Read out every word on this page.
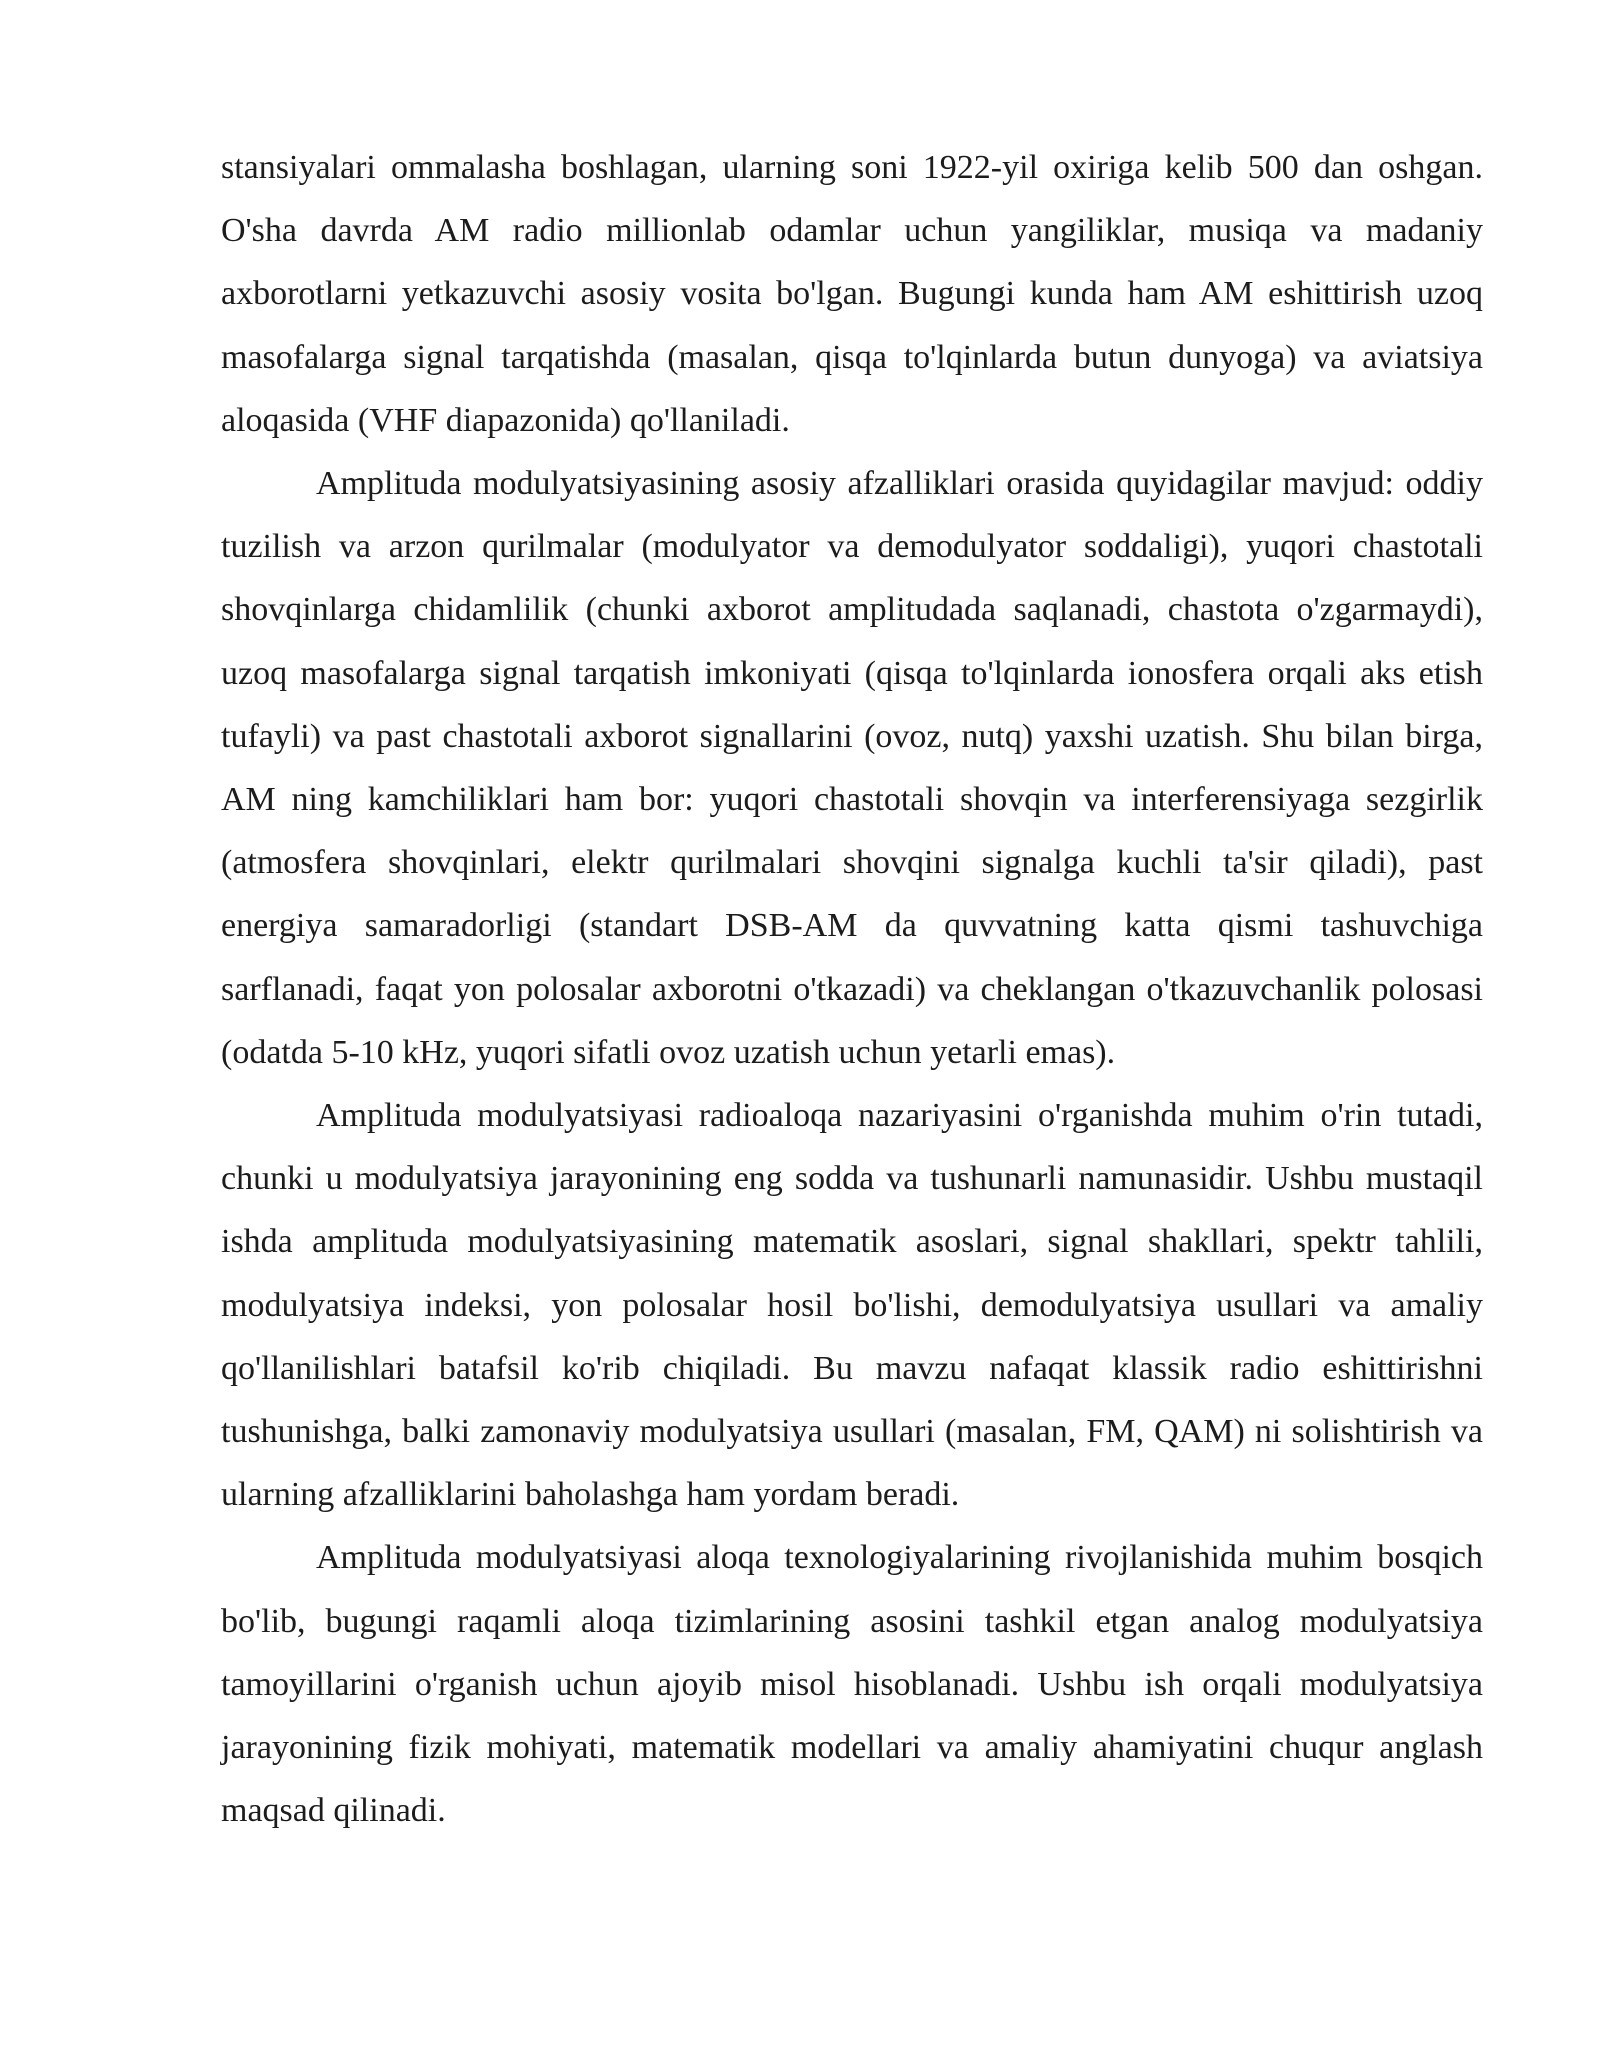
stansiyalari ommalasha boshlagan, ularning soni 1922-yil oxiriga kelib 500 dan oshgan. O'sha davrda AM radio millionlab odamlar uchun yangiliklar, musiqa va madaniy axborotlarni yetkazuvchi asosiy vosita bo'lgan. Bugungi kunda ham AM eshittirish uzoq masofalarga signal tarqatishda (masalan, qisqa to'lqinlarda butun dunyoga) va aviatsiya aloqasida (VHF diapazonida) qo'llaniladi.

Amplituda modulyatsiyasining asosiy afzalliklari orasida quyidagilar mavjud: oddiy tuzilish va arzon qurilmalar (modulyator va demodulyator soddaligi), yuqori chastotali shovqinlarga chidamlilik (chunki axborot amplitudada saqlanadi, chastota o'zgarmaydi), uzoq masofalarga signal tarqatish imkoniyati (qisqa to'lqinlarda ionosfera orqali aks etish tufayli) va past chastotali axborot signallarini (ovoz, nutq) yaxshi uzatish. Shu bilan birga, AM ning kamchiliklari ham bor: yuqori chastotali shovqin va interferensiyaga sezgirlik (atmosfera shovqinlari, elektr qurilmalari shovqini signalga kuchli ta'sir qiladi), past energiya samaradorligi (standart DSB-AM da quvvatning katta qismi tashuvchiga sarflanadi, faqat yon polosalar axborotni o'tkazadi) va cheklangan o'tkazuvchanlik polosasi (odatda 5-10 kHz, yuqori sifatli ovoz uzatish uchun yetarli emas).

Amplituda modulyatsiyasi radioaloqa nazariyasini o'rganishda muhim o'rin tutadi, chunki u modulyatsiya jarayonining eng sodda va tushunarli namunasidir. Ushbu mustaqil ishda amplituda modulyatsiyasining matematik asoslari, signal shakllari, spektr tahlili, modulyatsiya indeksi, yon polosalar hosil bo'lishi, demodulyatsiya usullari va amaliy qo'llanilishlari batafsil ko'rib chiqiladi. Bu mavzu nafaqat klassik radio eshittirishni tushunishga, balki zamonaviy modulyatsiya usullari (masalan, FM, QAM) ni solishtirish va ularning afzalliklarini baholashga ham yordam beradi.

Amplituda modulyatsiyasi aloqa texnologiyalarining rivojlanishida muhim bosqich bo'lib, bugungi raqamli aloqa tizimlarining asosini tashkil etgan analog modulyatsiya tamoyillarini o'rganish uchun ajoyib misol hisoblanadi. Ushbu ish orqali modulyatsiya jarayonining fizik mohiyati, matematik modellari va amaliy ahamiyatini chuqur anglash maqsad qilinadi.
